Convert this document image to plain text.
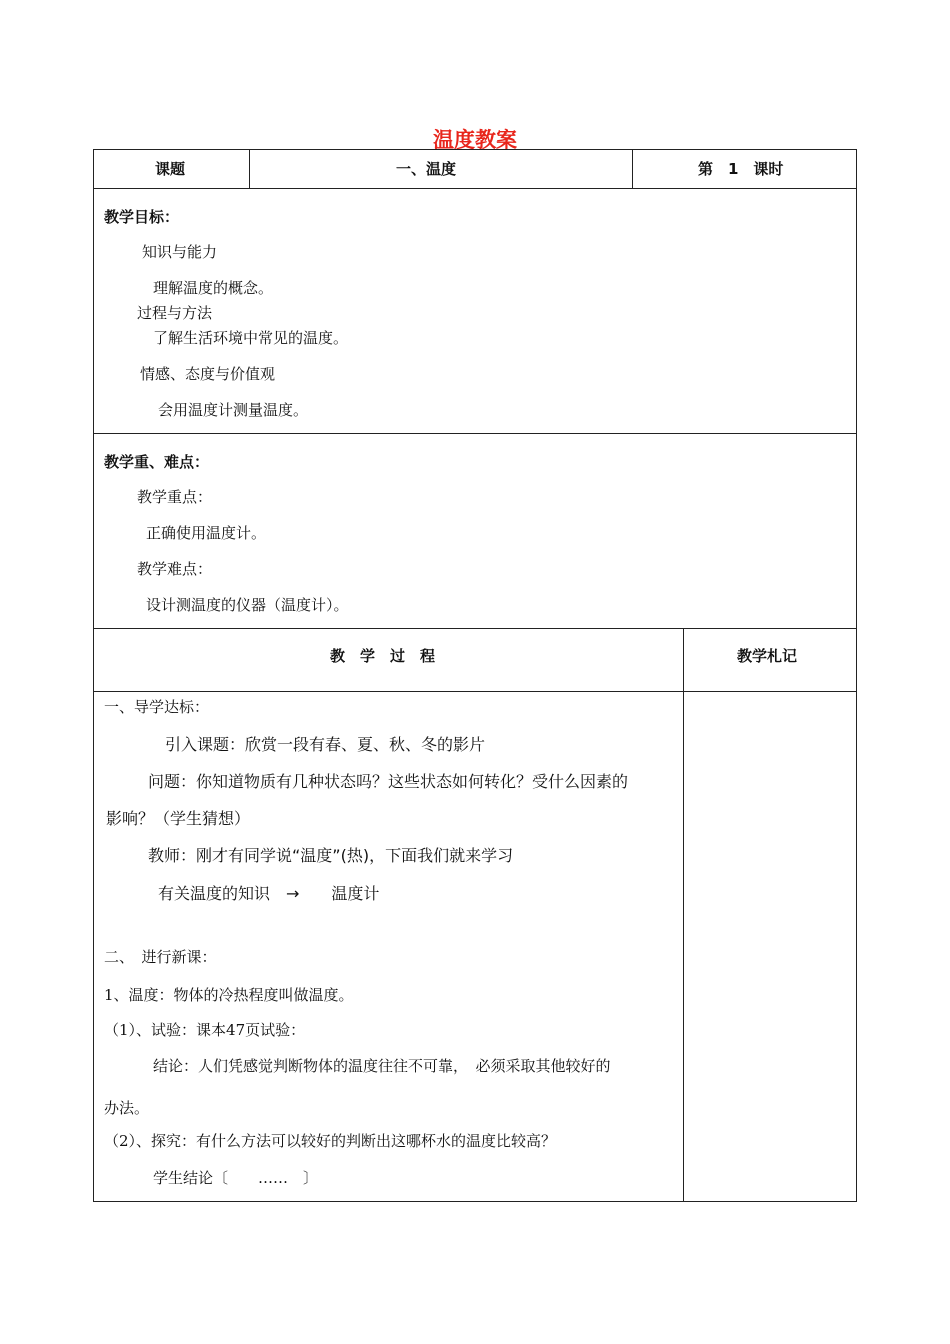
温度教案
课题	一、温度	第　1　课时
教学目标：
知识与能力
理解温度的概念。
过程与方法
了解生活环境中常见的温度。
情感、态度与价值观
会用温度计测量温度。
教学重、难点：
教学重点：
正确使用温度计。
教学难点：
设计测温度的仪器（温度计）。
教　学　过　程	教学札记
一、导学达标：
引入课题：欣赏一段有春、夏、秋、冬的影片
问题：你知道物质有几种状态吗？这些状态如何转化？受什么因素的
影响？（学生猜想）
教师：刚才有同学说“温度”(热)，下面我们就来学习
有关温度的知识　→　　温度计
二、　进行新课：
1、温度：物体的冷热程度叫做温度。
（1）、试验：课本47页试验：
结论：人们凭感觉判断物体的温度往往不可靠，　必须采取其他较好的
办法。
（2）、探究：有什么方法可以较好的判断出这哪杯水的温度比较高？
学生结论〔　　……　〕
